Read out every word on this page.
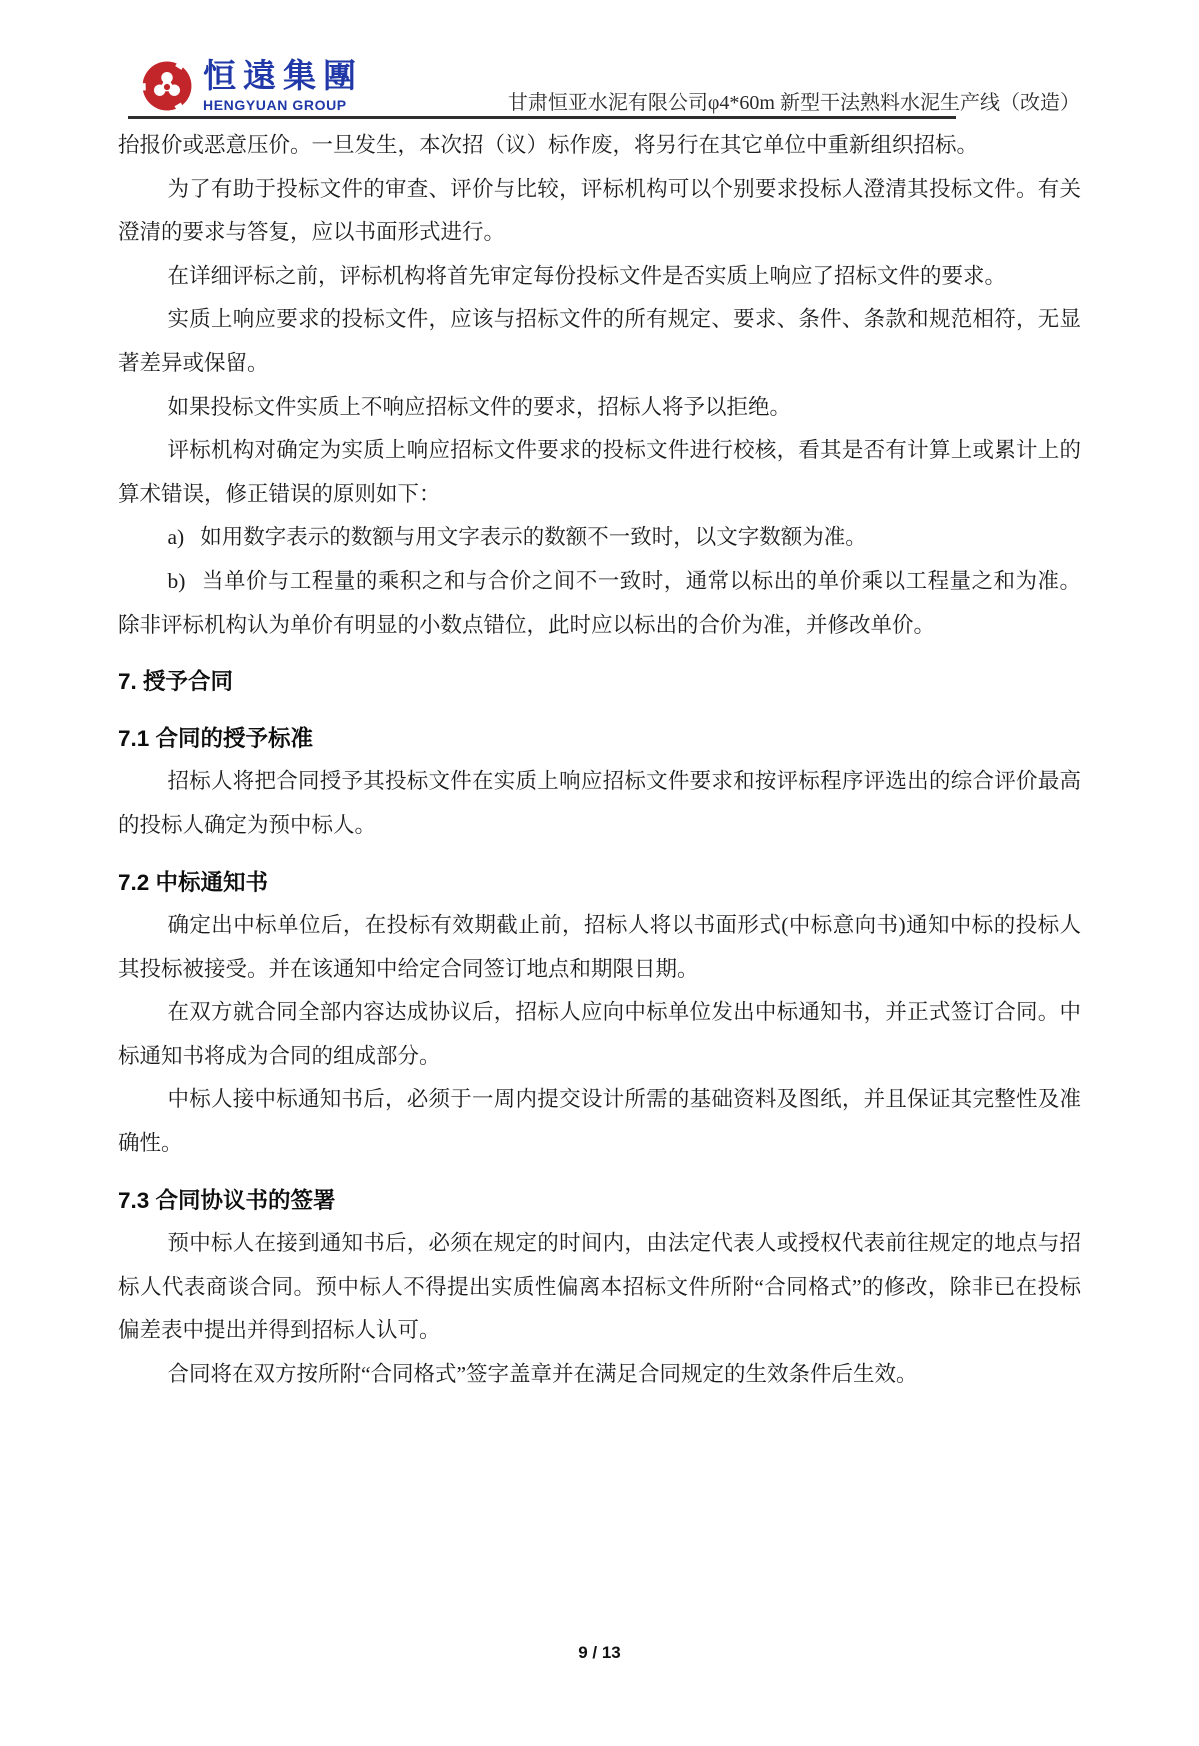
恒遠集團
HENGYUAN GROUP	甘肃恒亚水泥有限公司φ4*60m 新型干法熟料水泥生产线（改造）

抬报价或恶意压价。一旦发生，本次招（议）标作废，将另行在其它单位中重新组织招标。

为了有助于投标文件的审查、评价与比较，评标机构可以个别要求投标人澄清其投标文件。有关澄清的要求与答复，应以书面形式进行。

在详细评标之前，评标机构将首先审定每份投标文件是否实质上响应了招标文件的要求。

实质上响应要求的投标文件，应该与招标文件的所有规定、要求、条件、条款和规范相符，无显著差异或保留。

如果投标文件实质上不响应招标文件的要求，招标人将予以拒绝。

评标机构对确定为实质上响应招标文件要求的投标文件进行校核，看其是否有计算上或累计上的算术错误，修正错误的原则如下：

a) 如用数字表示的数额与用文字表示的数额不一致时，以文字数额为准。

b) 当单价与工程量的乘积之和与合价之间不一致时，通常以标出的单价乘以工程量之和为准。除非评标机构认为单价有明显的小数点错位，此时应以标出的合价为准，并修改单价。

7. 授予合同
7.1 合同的授予标准

招标人将把合同授予其投标文件在实质上响应招标文件要求和按评标程序评选出的综合评价最高的投标人确定为预中标人。

7.2 中标通知书

确定出中标单位后，在投标有效期截止前，招标人将以书面形式(中标意向书)通知中标的投标人其投标被接受。并在该通知中给定合同签订地点和期限日期。

在双方就合同全部内容达成协议后，招标人应向中标单位发出中标通知书，并正式签订合同。中标通知书将成为合同的组成部分。

中标人接中标通知书后，必须于一周内提交设计所需的基础资料及图纸，并且保证其完整性及准确性。

7.3 合同协议书的签署

预中标人在接到通知书后，必须在规定的时间内，由法定代表人或授权代表前往规定的地点与招标人代表商谈合同。预中标人不得提出实质性偏离本招标文件所附“合同格式”的修改，除非已在投标偏差表中提出并得到招标人认可。

合同将在双方按所附“合同格式”签字盖章并在满足合同规定的生效条件后生效。

9 / 13
